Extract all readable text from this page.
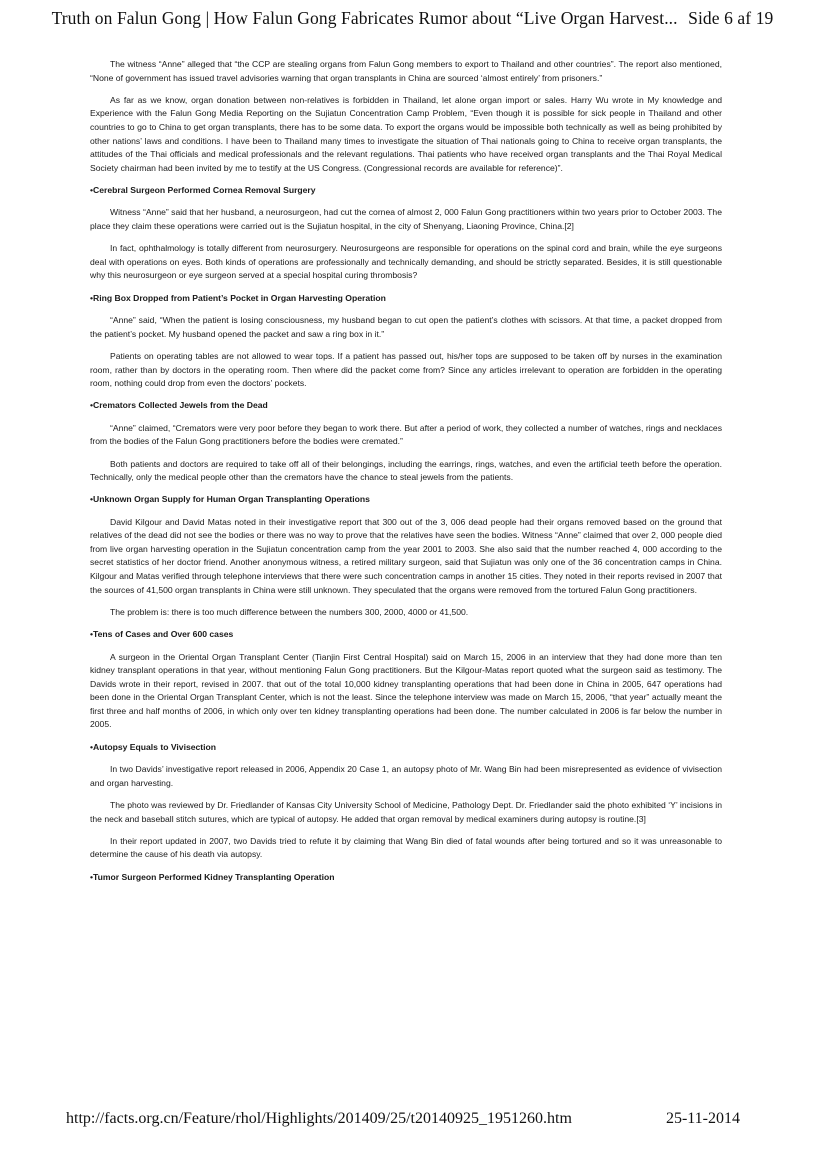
Truth on Falun Gong | How Falun Gong Fabricates Rumor about “Live Organ Harvest... Side 6 af 19

The witness “Anne” alleged that “the CCP are stealing organs from Falun Gong members to export to Thailand and other countries”. The report also mentioned, “None of government has issued travel advisories warning that organ transplants in China are sourced ‘almost entirely’ from prisoners.”

As far as we know, organ donation between non-relatives is forbidden in Thailand, let alone organ import or sales. Harry Wu wrote in My knowledge and Experience with the Falun Gong Media Reporting on the Sujiatun Concentration Camp Problem, “Even though it is possible for sick people in Thailand and other countries to go to China to get organ transplants, there has to be some data. To export the organs would be impossible both technically as well as being prohibited by other nations’ laws and conditions. I have been to Thailand many times to investigate the situation of Thai nationals going to China to receive organ transplants, the attitudes of the Thai officials and medical professionals and the relevant regulations. Thai patients who have received organ transplants and the Thai Royal Medical Society chairman had been invited by me to testify at the US Congress. (Congressional records are available for reference)”.

•Cerebral Surgeon Performed Cornea Removal Surgery

Witness “Anne” said that her husband, a neurosurgeon, had cut the cornea of almost 2, 000 Falun Gong practitioners within two years prior to October 2003. The place they claim these operations were carried out is the Sujiatun hospital, in the city of Shenyang, Liaoning Province, China.[2]

In fact, ophthalmology is totally different from neurosurgery. Neurosurgeons are responsible for operations on the spinal cord and brain, while the eye surgeons deal with operations on eyes. Both kinds of operations are professionally and technically demanding, and should be strictly separated. Besides, it is still questionable why this neurosurgeon or eye surgeon served at a special hospital curing thrombosis?

•Ring Box Dropped from Patient’s Pocket in Organ Harvesting Operation

“Anne” said, “When the patient is losing consciousness, my husband began to cut open the patient’s clothes with scissors. At that time, a packet dropped from the patient’s pocket. My husband opened the packet and saw a ring box in it.”

Patients on operating tables are not allowed to wear tops. If a patient has passed out, his/her tops are supposed to be taken off by nurses in the examination room, rather than by doctors in the operating room. Then where did the packet come from? Since any articles irrelevant to operation are forbidden in the operating room, nothing could drop from even the doctors’ pockets.

•Cremators Collected Jewels from the Dead

“Anne” claimed, “Cremators were very poor before they began to work there. But after a period of work, they collected a number of watches, rings and necklaces from the bodies of the Falun Gong practitioners before the bodies were cremated.”

Both patients and doctors are required to take off all of their belongings, including the earrings, rings, watches, and even the artificial teeth before the operation. Technically, only the medical people other than the cremators have the chance to steal jewels from the patients.

•Unknown Organ Supply for Human Organ Transplanting Operations

David Kilgour and David Matas noted in their investigative report that 300 out of the 3, 006 dead people had their organs removed based on the ground that relatives of the dead did not see the bodies or there was no way to prove that the relatives have seen the bodies. Witness “Anne” claimed that over 2, 000 people died from live organ harvesting operation in the Sujiatun concentration camp from the year 2001 to 2003. She also said that the number reached 4, 000 according to the secret statistics of her doctor friend. Another anonymous witness, a retired military surgeon, said that Sujiatun was only one of the 36 concentration camps in China. Kilgour and Matas verified through telephone interviews that there were such concentration camps in another 15 cities. They noted in their reports revised in 2007 that the sources of 41,500 organ transplants in China were still unknown. They speculated that the organs were removed from the tortured Falun Gong practitioners.

The problem is: there is too much difference between the numbers 300, 2000, 4000 or 41,500.

•Tens of Cases and Over 600 cases

A surgeon in the Oriental Organ Transplant Center (Tianjin First Central Hospital) said on March 15, 2006 in an interview that they had done more than ten kidney transplant operations in that year, without mentioning Falun Gong practitioners. But the Kilgour-Matas report quoted what the surgeon said as testimony. The Davids wrote in their report, revised in 2007. that out of the total 10,000 kidney transplanting operations that had been done in China in 2005, 647 operations had been done in the Oriental Organ Transplant Center, which is not the least. Since the telephone interview was made on March 15, 2006, “that year” actually meant the first three and half months of 2006, in which only over ten kidney transplanting operations had been done. The number calculated in 2006 is far below the number in 2005.

•Autopsy Equals to Vivisection

In two Davids’ investigative report released in 2006, Appendix 20 Case 1, an autopsy photo of Mr. Wang Bin had been misrepresented as evidence of vivisection and organ harvesting.

The photo was reviewed by Dr. Friedlander of Kansas City University School of Medicine, Pathology Dept. Dr. Friedlander said the photo exhibited ‘Y’ incisions in the neck and baseball stitch sutures, which are typical of autopsy. He added that organ removal by medical examiners during autopsy is routine.[3]

In their report updated in 2007, two Davids tried to refute it by claiming that Wang Bin died of fatal wounds after being tortured and so it was unreasonable to determine the cause of his death via autopsy.

•Tumor Surgeon Performed Kidney Transplanting Operation

http://facts.org.cn/Feature/rhol/Highlights/201409/25/t20140925_1951260.htm	25-11-2014
